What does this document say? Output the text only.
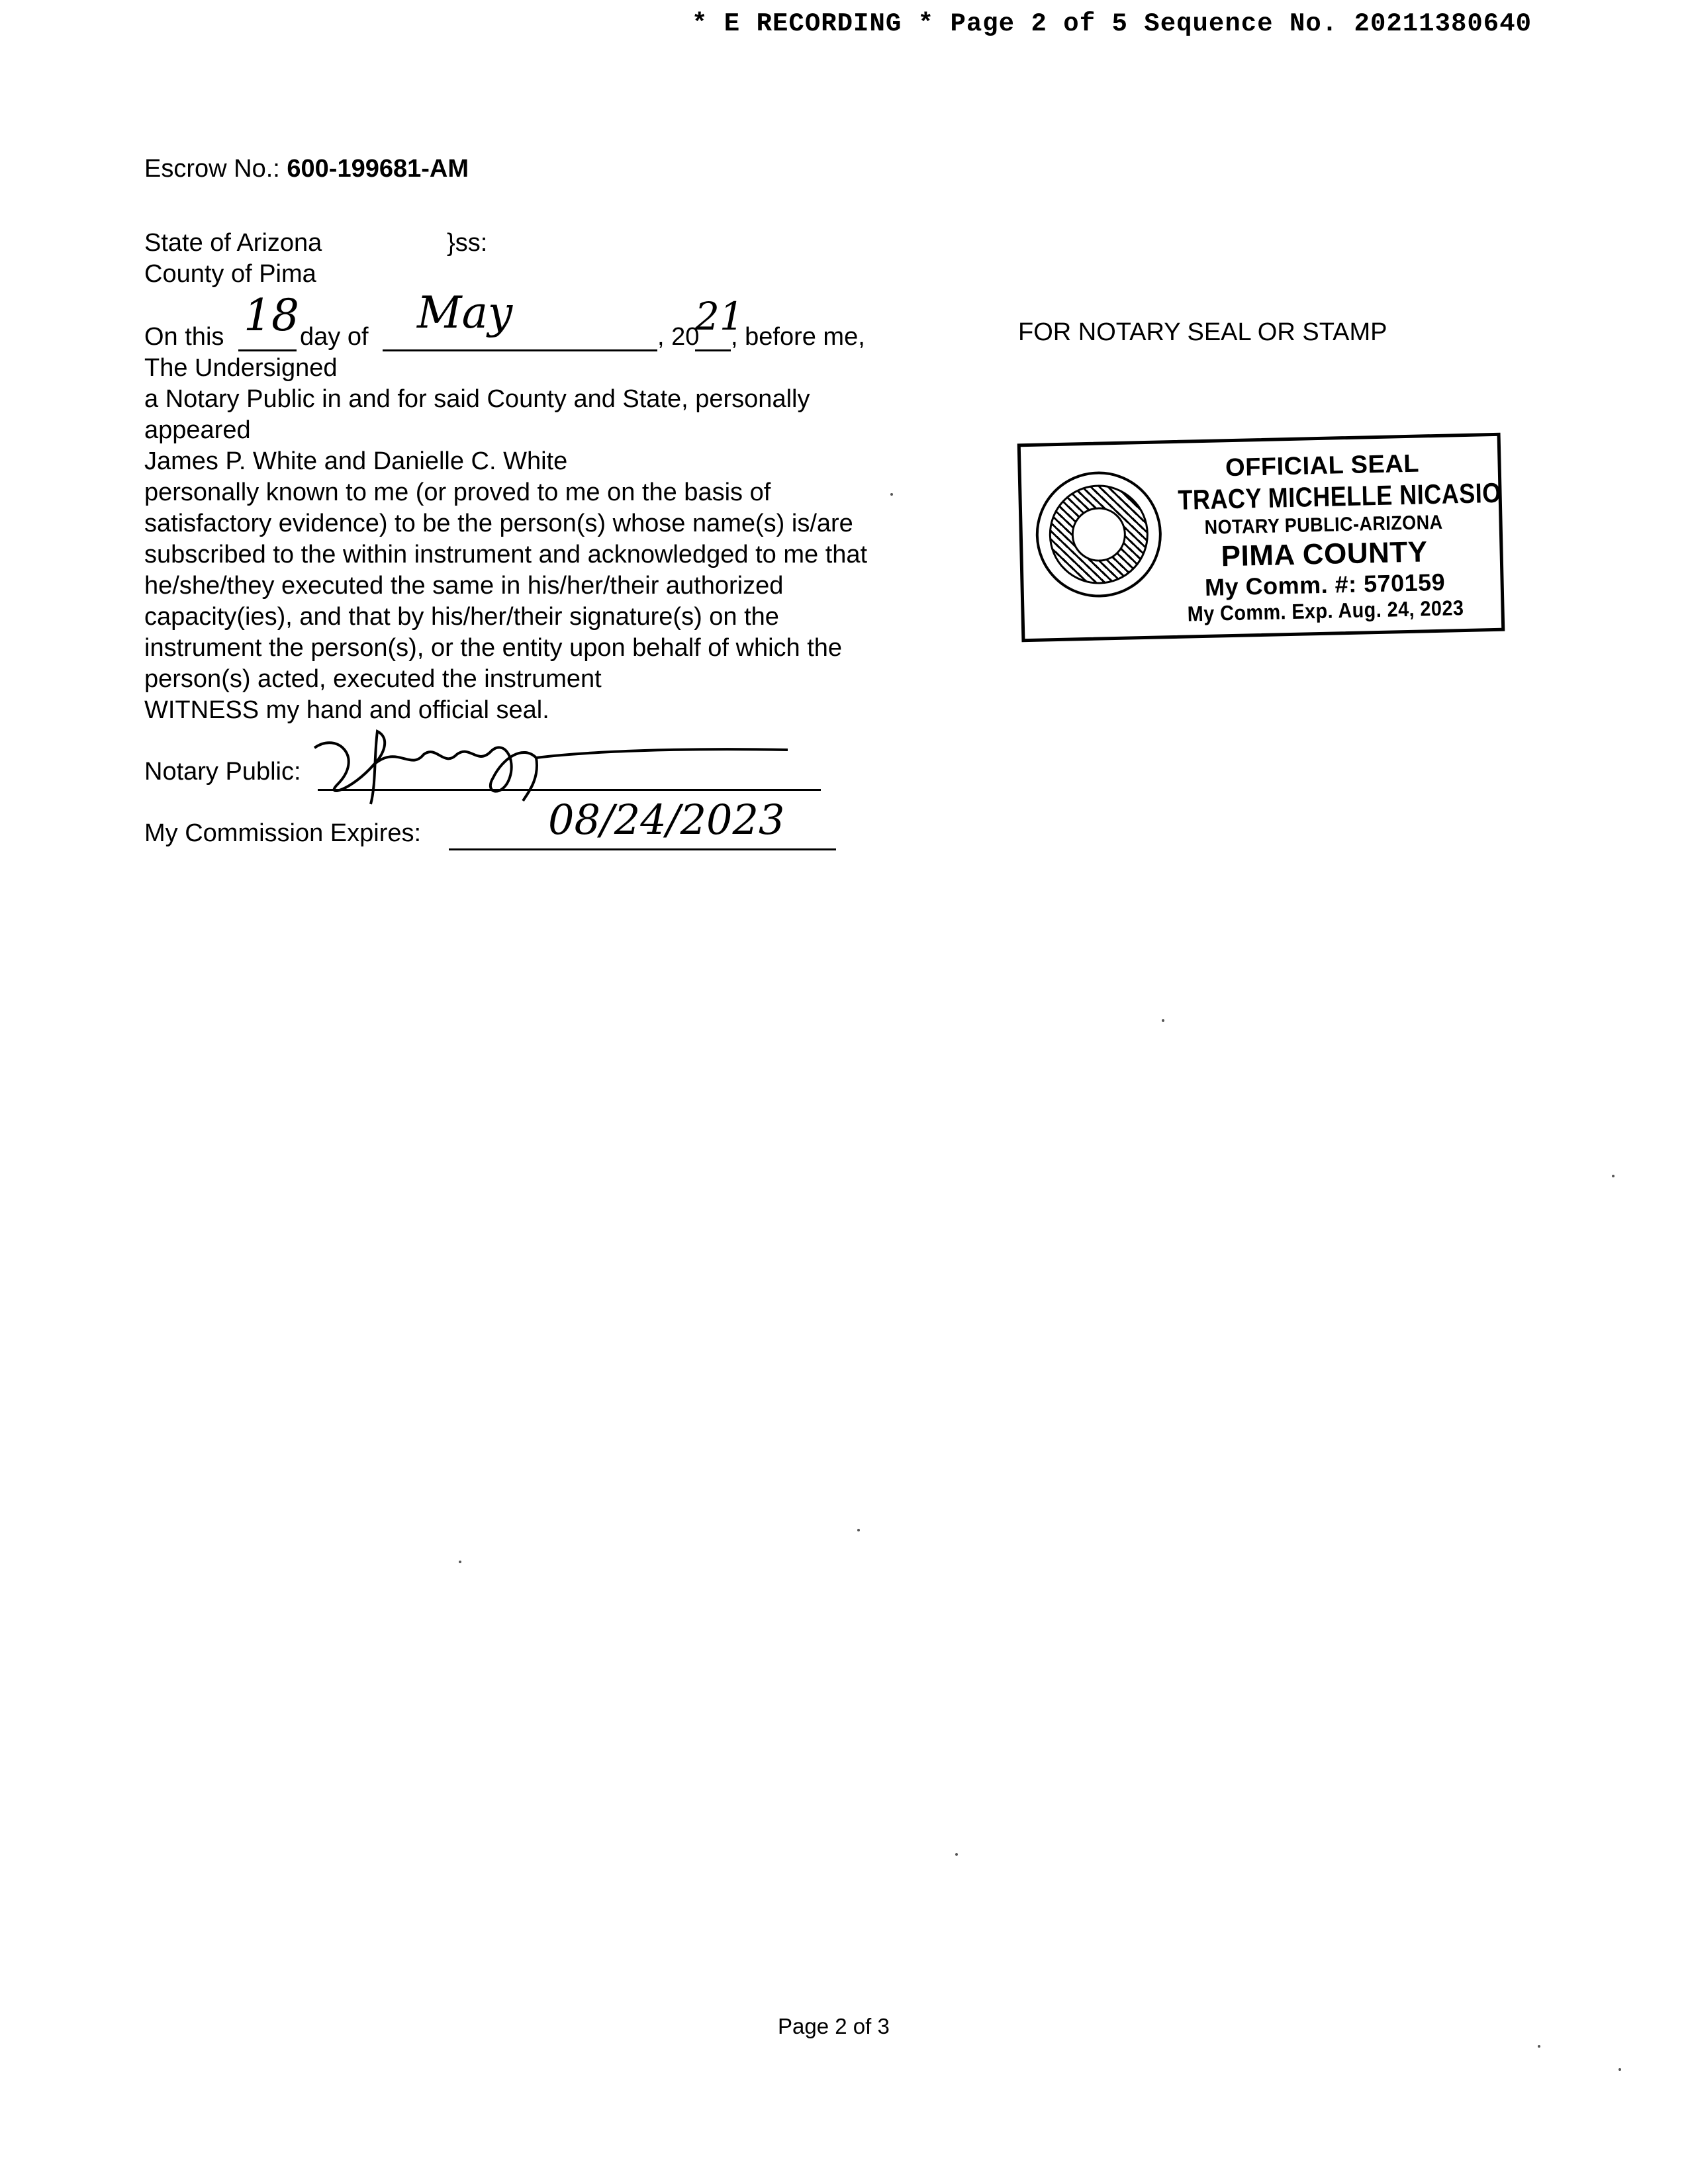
* E RECORDING * Page 2 of 5 Sequence No. 20211380640
Escrow No.: 600-199681-AM
State of Arizona	}ss:
County of Pima
On this 18 day of May	, 20
21
, before me,
The Undersigned
a Notary Public in and for said County and State, personally
appeared
James P. White and Danielle C. White
personally known to me (or proved to me on the basis of
satisfactory evidence) to be the person(s) whose name(s) is/are
subscribed to the within instrument and acknowledged to me that
he/she/they executed the same in his/her/their authorized
capacity(ies), and that by his/her/their signature(s) on the
instrument the person(s), or the entity upon behalf of which the
person(s) acted, executed the instrument
WITNESS my hand and official seal.
Notary Public:
My Commission Expires:	08/24/2023
FOR NOTARY SEAL OR STAMP
OFFICIAL SEAL
TRACY MICHELLE NICASIO
NOTARY PUBLIC-ARIZONA
PIMA COUNTY
My Comm. #: 570159
My Comm. Exp. Aug. 24, 2023
Page 2 of 3
